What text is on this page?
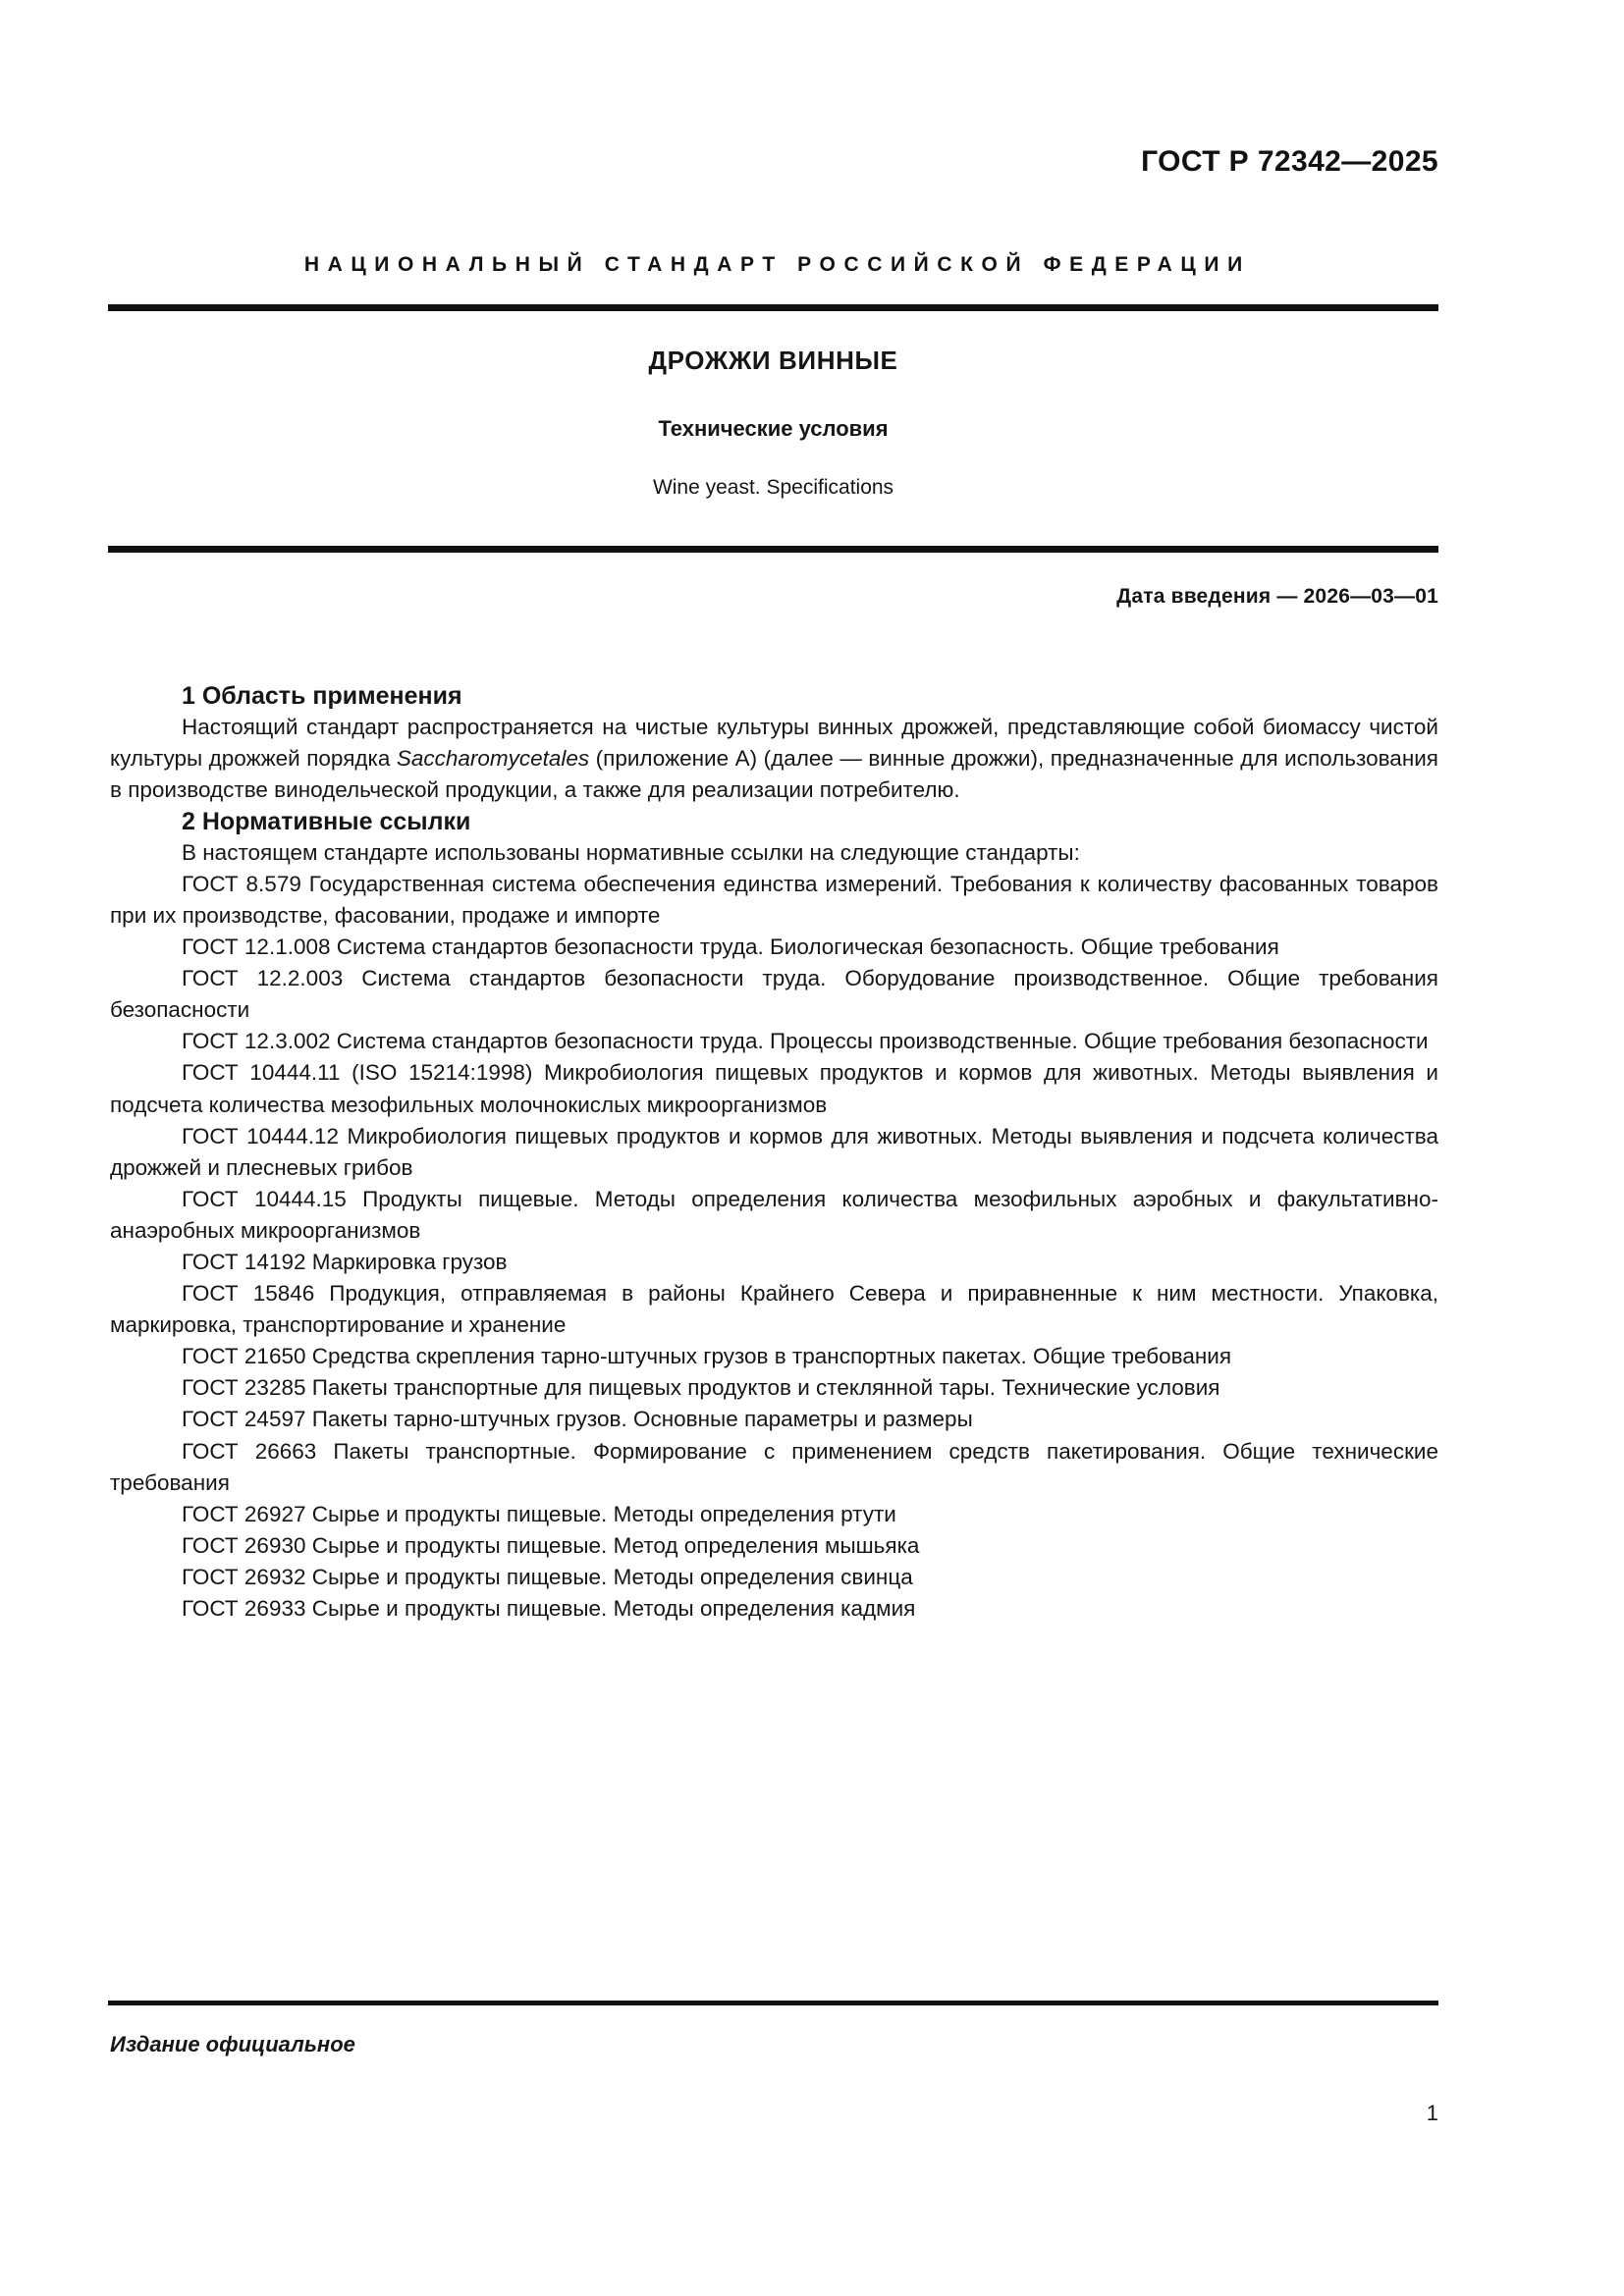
ГОСТ Р 72342—2025
НАЦИОНАЛЬНЫЙ СТАНДАРТ РОССИЙСКОЙ ФЕДЕРАЦИИ
ДРОЖЖИ ВИННЫЕ
Технические условия
Wine yeast. Specifications
Дата введения — 2026—03—01
1 Область применения

Настоящий стандарт распространяется на чистые культуры винных дрожжей, представляющие собой биомассу чистой культуры дрожжей порядка Saccharomycetales (приложение А) (далее — винные дрожжи), предназначенные для использования в производстве винодельческой продукции, а также для реализации потребителю.

2 Нормативные ссылки

В настоящем стандарте использованы нормативные ссылки на следующие стандарты:

ГОСТ 8.579 Государственная система обеспечения единства измерений. Требования к количеству фасованных товаров при их производстве, фасовании, продаже и импорте

ГОСТ 12.1.008 Система стандартов безопасности труда. Биологическая безопасность. Общие требования

ГОСТ 12.2.003 Система стандартов безопасности труда. Оборудование производственное. Общие требования безопасности

ГОСТ 12.3.002 Система стандартов безопасности труда. Процессы производственные. Общие требования безопасности

ГОСТ 10444.11 (ISO 15214:1998) Микробиология пищевых продуктов и кормов для животных. Методы выявления и подсчета количества мезофильных молочнокислых микроорганизмов

ГОСТ 10444.12 Микробиология пищевых продуктов и кормов для животных. Методы выявления и подсчета количества дрожжей и плесневых грибов

ГОСТ 10444.15 Продукты пищевые. Методы определения количества мезофильных аэробных и факультативно-анаэробных микроорганизмов

ГОСТ 14192 Маркировка грузов

ГОСТ 15846 Продукция, отправляемая в районы Крайнего Севера и приравненные к ним местности. Упаковка, маркировка, транспортирование и хранение

ГОСТ 21650 Средства скрепления тарно-штучных грузов в транспортных пакетах. Общие требования

ГОСТ 23285 Пакеты транспортные для пищевых продуктов и стеклянной тары. Технические условия

ГОСТ 24597 Пакеты тарно-штучных грузов. Основные параметры и размеры

ГОСТ 26663 Пакеты транспортные. Формирование с применением средств пакетирования. Общие технические требования

ГОСТ 26927 Сырье и продукты пищевые. Методы определения ртути

ГОСТ 26930 Сырье и продукты пищевые. Метод определения мышьяка

ГОСТ 26932 Сырье и продукты пищевые. Методы определения свинца

ГОСТ 26933 Сырье и продукты пищевые. Методы определения кадмия

Издание официальное
1
